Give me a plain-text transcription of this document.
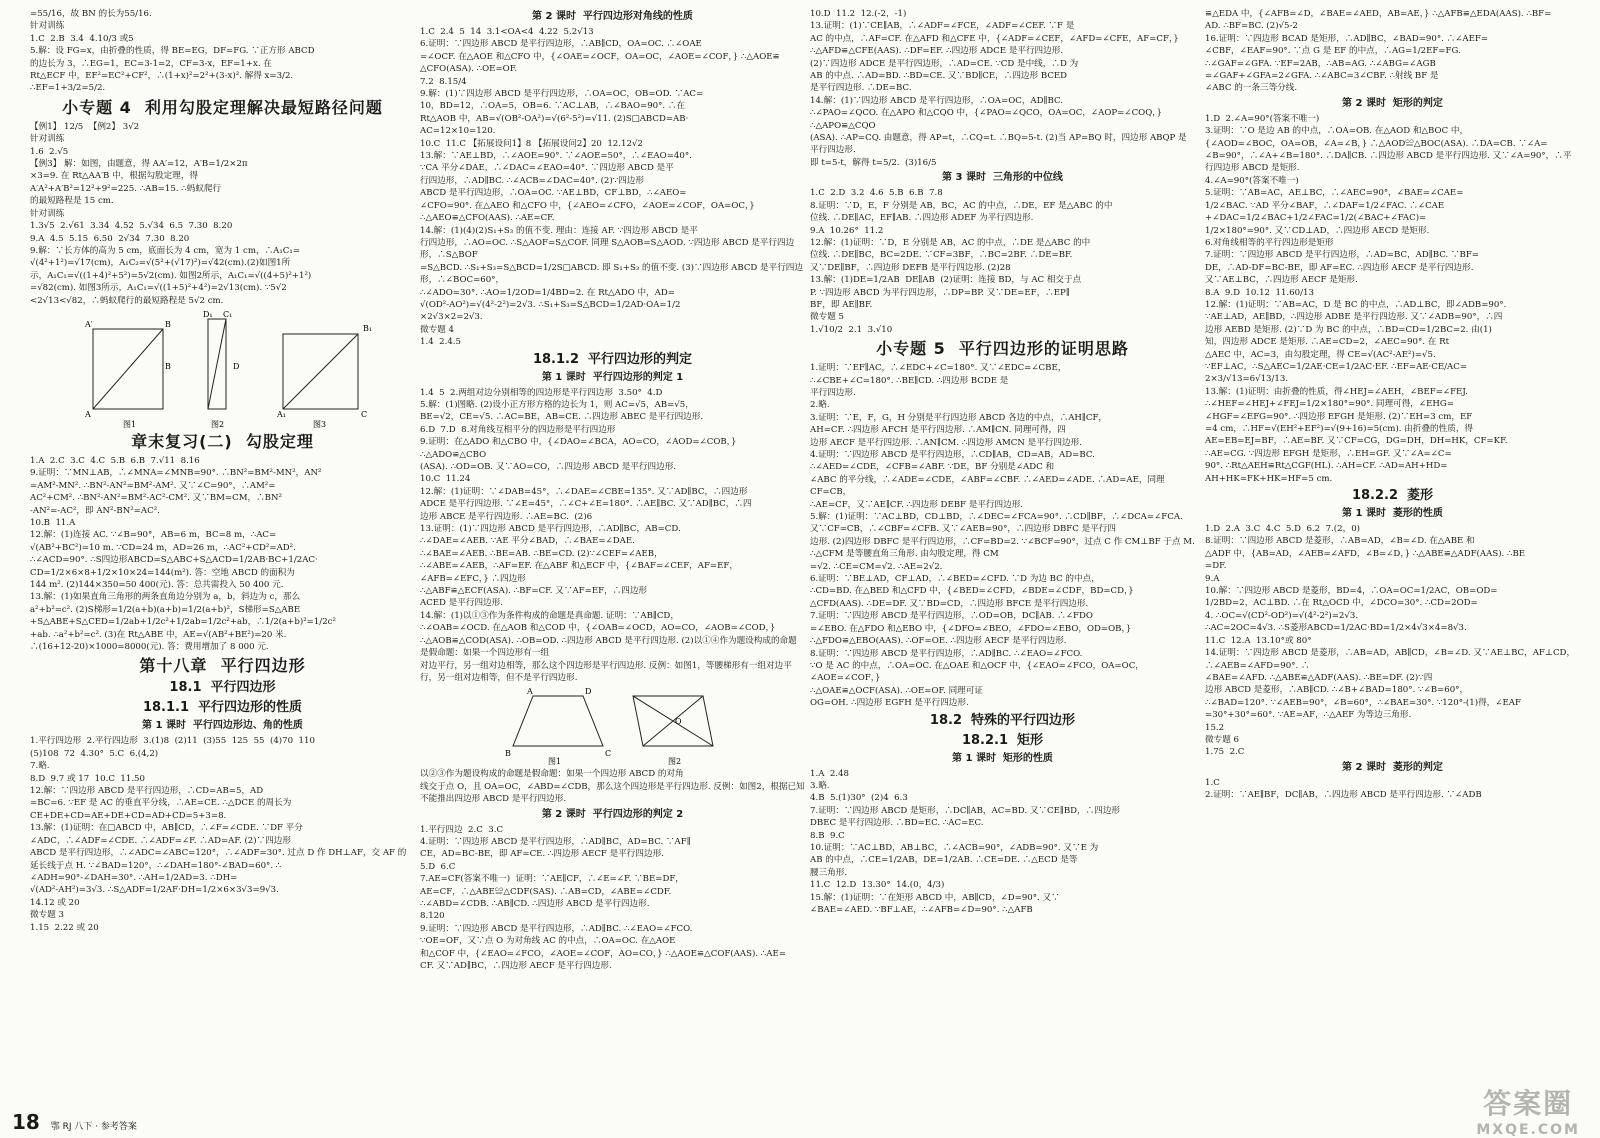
=55/16，故 BN 的长为55/16.
针对训练
1.C  2.B  3.4  4.10/3 或5
5.解：设 FG=x，由折叠的性质，得 BE=EG，DF=FG. ∵正方形 ABCD
的边长为 3，∴EG=1，EC=3-1=2，CF=3-x，EF=1+x. 在
Rt△ECF 中，EF²=EC²+CF²，∴(1+x)²=2²+(3-x)². 解得 x=3/2.
∴EF=1+3/2=5/2.
小专题 4  利用勾股定理解决最短路径问题
【例1】 12/5  【例2】 3√2
针对训练
1.6  2.√5
【例3】 解：如图，由题意，得 AA′=12，A′B=1/2×2π
×3=9. 在 Rt△AA′B 中，根据勾股定理，得
A′A²+A′B²=12²+9²=225. ∴AB=15. ∴蚂蚁爬行
的最短路程是 15 cm.
针对训练
1.3√5  2.√61  3.34  4.52  5.√34  6.5  7.30  8.20
9.A  4.5  5.15  6.50  2√34  7.30  8.20
9.解：∵长方体的高为 5 cm，底面长为 4 cm，宽为 1 cm，∴A₁C₁=
√(4²+1²)=√17(cm)，A₁C₂=√(5²+(√17)²)=√42(cm).(2)如图1所
示，A₁C₁=√((1+4)²+5²)=5√2(cm). 如图2所示，A₁C₁=√((4+5)²+1²)
=√82(cm). 如图3所示，A₁C₁=√((1+5)²+4²)=2√13(cm). ∵5√2
<2√13<√82，∴蚂蚁爬行的最短路程是 5√2 cm.
B
A′
A
图1	图2	图3
D₁ C₁
B₁
A₁	C
B	D
章末复习(二)  勾股定理
1.A  2.C  3.C  4.C  5.B  6.B  7.√11  8.16
9.证明：∵MN⊥AB，∴∠MNA=∠MNB=90°. ∴BN²=BM²-MN²，AN²
=AM²-MN². ∴BN²-AN²=BM²-AM². 又∵∠C=90°，∴AM²=
AC²+CM². ∴BN²-AN²=BM²-AC²-CM². 又∵BM=CM，∴BN²
-AN²=-AC²，即 AN²-BN²=AC².
10.B  11.A
12.解：(1)连接 AC. ∵∠B=90°，AB=6 m，BC=8 m，∴AC=
√(AB²+BC²)=10 m. ∵CD=24 m，AD=26 m，∴AC²+CD²=AD².
∴∠ACD=90°. ∴S四边形ABCD=S△ABC+S△ACD=1/2AB·BC+1/2AC·
CD=1/2×6×8+1/2×10×24=144(m²). 答：空地 ABCD 的面积为
144 m². (2)144×350=50 400(元). 答：总共需投入 50 400 元.
13.解：(1)如果直角三角形的两条直角边分别为 a，b，斜边为 c，那么
a²+b²=c². (2)S梯形=1/2(a+b)(a+b)=1/2(a+b)²，S梯形=S△ABE
+S△ABE+S△CED=1/2ab+1/2c²+1/2ab=1/2c²+ab，∴1/2(a+b)²=1/2c²
+ab. ∴a²+b²=c². (3)在 Rt△ABE 中，AE=√(AB²+BE²)=20 米.
∴(16+12-20)×1000=8000(元). 答：费用增加了 8 000 元.
第十八章  平行四边形
18.1  平行四边形
18.1.1  平行四边形的性质
第 1 课时  平行四边形边、角的性质
1.平行四边形  2.平行四边形  3.(1)8  (2)11  (3)55  125  55  (4)70  110
(5)108  72  4.30°  5.C  6.(4,2)
7.略.
8.D  9.7 或 17  10.C  11.50
12.解：∵四边形 ABCD 是平行四边形，∴CD=AB=5，AD
=BC=6. ∵EF 是 AC 的垂直平分线，∴AE=CE. ∴△DCE 的周长为
CE+DE+CD=AE+DE+CD=AD+CD=5+3=8.
13.解：(1)证明：在□ABCD 中，AB∥CD，∴∠F=∠CDE. ∵DF 平分
∠ADC，∴∠ADF=∠CDE. ∴∠ADF=∠F. ∴AD=AF. (2)∵四边形
ABCD 是平行四边形，∴∠ADC=∠ABC=120°，∴∠ADF=30°. 过点 D 作 DH⊥AF，交 AF 的
延长线于点 H. ∵∠BAD=120°，∴∠DAH=180°-∠BAD=60°. ∴
∠ADH=90°-∠DAH=30°. ∴AH=1/2AD=3. ∴DH=
√(AD²-AH²)=3√3. ∴S△ADF=1/2AF·DH=1/2×6×3√3=9√3.
14.12 或 20
微专题 3
1.15  2.22 或 20
第 2 课时  平行四边形对角线的性质
1.C  2.4  5  14  3.1<OA<4  4.22  5.2√13
6.证明：∵四边形 ABCD 是平行四边形，∴AB∥CD，OA=OC. ∴∠OAE
=∠OCF. 在△AOE 和△CFO 中，{∠OAE=∠OCF，OA=OC，∠AOE=∠COF，} ∴△AOE≌
△CFO(ASA). ∴OE=OF.
7.2  8.15/4
9.解：(1)∵四边形 ABCD 是平行四边形，∴OA=OC，OB=OD. ∵AC=
10，BD=12，∴OA=5，OB=6. ∵AC⊥AB，∴∠BAO=90°. ∴在
Rt△AOB 中，AB=√(OB²-OA²)=√(6²-5²)=√11. (2)S□ABCD=AB·
AC=12×10=120.
10.C  11.C 【拓展设问1】8 【拓展设问2】20  12.12√2
13.解：∵AE⊥BD，∴∠AOE=90°. ∵∠AOE=50°，∴∠EAO=40°.
∵CA 平分∠DAE，∴∠DAC=∠EAO=40°. ∵四边形 ABCD 是平
行四边形，∴AD∥BC. ∴∠ACB=∠DAC=40°. (2)∵四边形
ABCD 是平行四边形，∴OA=OC. ∵AE⊥BD，CF⊥BD，∴∠AEO=
∠CFO=90°. 在△AEO 和△CFO 中，{∠AEO=∠CFO，∠AOE=∠COF，OA=OC，} ∴△AEO≌△CFO(AAS). ∴AE=CF.
14.解：(1)(4)(2)S₁+S₃ 的值不变. 理由：连接 AF. ∵四边形 ABCD 是平
行四边形，∴AO=OC. ∴S△AOF=S△COF. 同理 S△AOB=S△AOD. ∵四边形 ABCD 是平行四边形，∴S△BOF
=S△BCD. ∴S₁+S₃=S△BCD=1/2S□ABCD. 即 S₁+S₃ 的值不变. (3)∵四边形 ABCD 是平行四边形，∴∠BOC=60°，
∴∠ADO=30°. ∴AO=1/2OD=1/4BD=2. 在 Rt△ADO 中，AD=
√(OD²-AO²)=√(4²-2²)=2√3. ∴S₁+S₃=S△BCD=1/2AD·OA=1/2
×2√3×2=2√3.
微专题 4
1.4  2.4.5
18.1.2  平行四边形的判定
第 1 课时  平行四边形的判定 1
1.4  5  2.两组对边分别相等的四边形是平行四边形  3.50°  4.D
5.解：(1)图略. (2)设小正方形方格的边长为 1，则 AC=√5，AB=√5，
BE=√2，CE=√5. ∴AC=BE，AB=CE. ∴四边形 ABEC 是平行四边形.
6.D  7.D  8.对角线互相平分的四边形是平行四边形
9.证明：在△ADO 和△CBO 中，{∠DAO=∠BCA，AO=CO，∠AOD=∠COB，} ∴△ADO≌△CBO
(ASA). ∴OD=OB. 又∵AO=CO，∴四边形 ABCD 是平行四边形.
10.C  11.24
12.解：(1)证明：∵∠DAB=45°，∴∠DAE=∠CBE=135°. 又∵AD∥BC，∴四边形
ADCE 是平行四边形. ∵∠E=45°，∴∠C+∠E=180°. ∴AE∥BC. 又∵AD∥BC，∴四
边形 ABCE 是平行四边形. ∴AE=BC.  (2)6
13.证明：(1)∵四边形 ABCD 是平行四边形，∴AD∥BC，AB=CD.
∴∠DAE=∠AEB. ∵AE 平分∠BAD，∴∠BAE=∠DAE.
∴∠BAE=∠AEB. ∴BE=AB. ∴BE=CD. (2)∵∠CEF=∠AEB，
∴∠ABE=∠AEB，∴AF=EF. 在△ABF 和△ECF 中，{∠BAF=∠CEF，AF=EF，∠AFB=∠EFC，} ∴四边形
∴△ABF≌△ECF(ASA). ∴BF=CF. 又∵AF=EF，∴四边形
ACED 是平行四边形.
14.解：(1)以①③作为条件构成的命题是真命题. 证明：∵AB∥CD，
∴∠OAB=∠OCD. 在△AOB 和△COD 中，{∠OAB=∠OCD，AO=CO，∠AOB=∠COD，}
∴△AOB≌△COD(ASA). ∴OB=OD. ∴四边形 ABCD 是平行四边形. (2)以①④作为题设构成的命题是假命题：如果一个四边形有一组
对边平行，另一组对边相等，那么这个四边形是平行四边形. 反例：如图1，等腰梯形有一组对边平行，另一组对边相等，但不是平行四边形.
A	D
B	C
O
图1	图2
以②③作为题设构成的命题是假命题：如果一个四边形 ABCD 的对角
线交于点 O，且 OA=OC，∠ABD=∠CDB，那么这个四边形是平行四边形. 反例：如图2，根据已知不能推出四边形 ABCD 是平行四边形.
第 2 课时  平行四边形的判定 2
1.平行四边  2.C  3.C
4.证明：∵四边形 ABCD 是平行四边形，∴AD∥BC，AD=BC. ∵AF∥
CE，AD=BC-BE，即 AF=CE. ∴四边形 AECF 是平行四边形.
5.D  6.C
7.AE=CF(答案不唯一)  证明：∵AE∥CF，∴∠E=∠F. ∵BE=DF，
AE=CF，∴△ABE≌△CDF(SAS). ∴AB=CD，∠ABE=∠CDF.
∴∠ABD=∠CDB. ∴AB∥CD. ∴四边形 ABCD 是平行四边形.
8.120
9.证明：∵四边形 ABCD 是平行四边形，∴AD∥BC. ∴∠EAO=∠FCO.
∵OE=OF，又∵点 O 为对角线 AC 的中点，∴OA=OC. 在△AOE
和△COF 中，{∠EAO=∠FCO，∠AOE=∠COF，AO=CO，} ∴△AOE≌△COF(AAS). ∴AE=
CF. 又∵AD∥BC，∴四边形 AECF 是平行四边形.
10.D  11.2  12.(-2，-1)
13.证明：(1)∵CE∥AB，∴∠ADF=∠FCE，∠ADF=∠CEF. ∵F 是
AC 的中点，∴AF=CF. 在△AFD 和△CFE 中，{∠ADF=∠CEF，∠AFD=∠CFE，AF=CF，}
∴△AFD≌△CFE(AAS). ∴DF=EF. ∴四边形 ADCE 是平行四边形.
(2)∵四边形 ADCE 是平行四边形，∴AD=CE. ∵CD 是中线，∴D 为
AB 的中点. ∴AD=BD. ∴BD=CE. 又∵BD∥CE，∴四边形 BCED
是平行四边形. ∴DE=BC.
14.解：(1)∵四边形 ABCD 是平行四边形，∴OA=OC，AD∥BC.
∴∠PAO=∠QCO. 在△APO 和△CQO 中，{∠PAO=∠QCO，OA=OC，∠AOP=∠COQ，} ∴△APO≌△CQO
(ASA). ∴AP=CQ. 由题意，得 AP=t，∴CQ=t. ∴BQ=5-t. (2)当 AP=BQ 时，四边形 ABQP 是平行四边形.
即 t=5-t，解得 t=5/2.  (3)16/5
第 3 课时  三角形的中位线
1.C  2.D  3.2  4.6  5.B  6.B  7.8
8.证明：∵D，E，F 分别是 AB，BC，AC 的中点，∴DE，EF 是△ABC 的中
位线. ∴DE∥AC，EF∥AB. ∴四边形 ADEF 为平行四边形.
9.A  10.26°  11.2
12.解：(1)证明：∵D，E 分别是 AB，AC 的中点，∴DE 是△ABC 的中
位线. ∴DE∥BC，BC=2DE. ∵CF=3BF，∴BC=2BF. ∴DE=BF.
又∵DE∥BF，∴四边形 DEFB 是平行四边形. (2)28
13.解：(1)DE=1/2AB  DE∥AB  (2)证明：连接 BD，与 AC 相交于点
P. ∵四边形 ABCD 为平行四边形，∴DP=BP. 又∵DE=EF，∴EP∥
BF，即 AE∥BF.
微专题 5
1.√10/2  2.1  3.√10
小专题 5  平行四边形的证明思路
1.证明：∵EF∥AC，∴∠EDC+∠C=180°. 又∵∠EDC=∠CBE，
∴∠CBE+∠C=180°. ∴BE∥CD. ∴四边形 BCDE 是
平行四边形.
2.略.
3.证明：∵E，F，G，H 分别是平行四边形 ABCD 各边的中点，∴AH∥CF，
AH=CF. ∴四边形 AFCH 是平行四边形. ∴AM∥CN. 同理可得，四
边形 AECF 是平行四边形. ∴AN∥CM. ∴四边形 AMCN 是平行四边形.
4.证明：∵四边形 ABCD 是平行四边形，∴CD∥AB，CD=AB，AD=BC.
∴∠AED=∠CDE，∠CFB=∠ABF. ∵DE，BF 分别是∠ADC 和
∠ABC 的平分线，∴∠ADE=∠CDE，∠ABF=∠CBF. ∴∠AED=∠ADE. ∴AD=AE，同理 CF=CB，
∴AE=CF，又∵AE∥CF. ∴四边形 DEBF 是平行四边形.
5.解：(1)证明：∵AC⊥BD，CD⊥BD，∴∠DEC=∠FCA=90°. ∴CD∥BF，∴∠DCA=∠FCA.
又∵CF=CB，∴∠CBF=∠CFB. 又∵∠AEB=90°，∴四边形 DBFC 是平行四
边形. (2)四边形 DBFC 是平行四边形，∴CF=BD=2. ∵∠BCF=90°，过点 C 作 CM⊥BF 于点 M. ∴△CFM 是等腰直角三角形. 由勾股定理，得 CM
=√2. ∴CE=CM=√2. ∴AE=2√2.
6.证明：∵BE⊥AD，CF⊥AD，∴∠BED=∠CFD. ∵D 为边 BC 的中点，
∴CD=BD. 在△BED 和△CFD 中，{∠BED=∠CFD，∠BDE=∠CDF，BD=CD，}
△CFD(AAS). ∴DE=DF. 又∵BD=CD，∴四边形 BFCE 是平行四边形.
7.证明：∵四边形 ABCD 是平行四边形，∴OD=OB，DC∥AB. ∴∠FDO
=∠EBO. 在△FDO 和△EBO 中，{∠DFO=∠BEO，∠FDO=∠EBO，OD=OB，}
∴△FDO≌△EBO(AAS). ∴OF=OE. ∴四边形 AECF 是平行四边形.
8.证明：∵四边形 ABCD 是平行四边形，∴AD∥BC. ∴∠EAO=∠FCO.
∵O 是 AC 的中点，∴OA=OC. 在△OAE 和△OCF 中，{∠EAO=∠FCO，OA=OC，∠AOE=∠COF，}
∴△OAE≌△OCF(ASA). ∴OE=OF. 同理可证
OG=OH. ∴四边形 EGFH 是平行四边形.
18.2  特殊的平行四边形
18.2.1  矩形
第 1 课时  矩形的性质
1.A  2.48
3.略.
4.B  5.(1)30°  (2)4  6.3
7.证明：∵四边形 ABCD 是矩形，∴DC∥AB，AC=BD. 又∵CE∥BD，∴四边形
DBEC 是平行四边形. ∴BD=EC. ∴AC=EC.
8.B  9.C
10.证明：∵AC⊥BD，AB⊥BC，∴∠ACB=90°，∠ADB=90°. 又∵E 为
AB 的中点，∴CE=1/2AB，DE=1/2AB. ∴CE=DE. ∴△ECD 是等
腰三角形.
11.C  12.D  13.30°  14.(0，4/3)
15.解：(1)证明：∵在矩形 ABCD 中，AB∥CD，∠D=90°. 又∵
∠BAE=∠AED. ∵BF⊥AE，∴∠AFB=∠D=90°. ∴△AFB
≌△EDA 中，{∠AFB=∠D，∠BAE=∠AED，AB=AE，} ∴△AFB≌△EDA(AAS). ∴BF=
AD. ∴BF=BC. (2)√5-2
16.证明：∵四边形 BCAD 是矩形，∴AD∥BC，∠BAD=90°. ∴∠AEF=
∠CBF，∠EAF=90°. ∵点 G 是 EF 的中点，∴AG=1/2EF=FG.
∴∠GAF=∠GFA. ∵EF=2AB，∴AB=AG. ∴∠ABG=∠AGB
=∠GAF+∠GFA=2∠GFA. ∴∠ABC=3∠CBF. ∴射线 BF 是
∠ABC 的一条三等分线.
第 2 课时  矩形的判定
1.D  2.∠A=90°(答案不唯一)
3.证明：∵O 是边 AB 的中点，∴OA=OB. 在△AOD 和△BOC 中，
{∠AOD=∠BOC，OA=OB，∠A=∠B，} ∴△AOD≌△BOC(ASA). ∴DA=CB. ∵∠A=
∠B=90°，∴∠A+∠B=180°. ∴DA∥CB. ∴四边形 ABCD 是平行四边形. 又∵∠A=90°，∴平行四边形 ABCD 是矩形.
4.∠A=90°(答案不唯一)
5.证明：∵AB=AC，AE⊥BC，∴∠AEC=90°，∠BAE=∠CAE=
1/2∠BAC. ∵AD 平分∠BAF，∴∠DAF=1/2∠FAC. ∴∠CAE
+∠DAC=1/2∠BAC+1/2∠FAC=1/2(∠BAC+∠FAC)=
1/2×180°=90°. 又∵CD⊥AD，∴四边形 AECD 是矩形.
6.对角线相等的平行四边形是矩形
7.证明：∵四边形 ABCD 是平行四边形，∴AD=BC，AD∥BC. ∵BF=
DE，∴AD-DF=BC-BE，即 AF=EC. ∴四边形 AECF 是平行四边形.
又∵AE⊥BC，∴四边形 AECF 是矩形.
8.A  9.D  10.12  11.60/13
12.解：(1)证明：∵AB=AC，D 是 BC 的中点，∴AD⊥BC，即∠ADB=90°.
∵AE⊥AD，AE∥BD，∴四边形 ADBE 是平行四边形. 又∵∠ADB=90°，∴四
边形 AEBD 是矩形. (2)∵D 为 BC 的中点，∴BD=CD=1/2BC=2. 由(1)
知，四边形 ADCE 是矩形. ∴AE=CD=2，∠AEC=90°. 在 Rt
△AEC 中，AC=3，由勾股定理，得 CE=√(AC²-AE²)=√5.
∵EF⊥AC，∴S△AEC=1/2AE·CE=1/2AC·EF. ∴EF=AE·CE/AC=
2×3/√13=6√13/13.
13.解：(1)证明：由折叠的性质，得∠HEJ=∠AEH，∠BEF=∠FEJ.
∴∠HEF=∠HEJ+∠FEJ=1/2×180°=90°. 同理可得，∠EHG=
∠HGF=∠EFG=90°. ∴四边形 EFGH 是矩形. (2)∵EH=3 cm，EF
=4 cm，∴HF=√(EH²+EF²)=√(9+16)=5(cm). 由折叠的性质，得
AE=EB=EJ=BF，∴AE=BF. 又∵CF=CG，DG=DH，DH=HK，CF=KF.
∴AE=CG. ∵四边形 EFGH 是矩形，∴EH=GF. 又∵∠A=∠C=
90°. ∴Rt△AEH≌Rt△CGF(HL). ∴AH=CF. ∴AD=AH+HD=
AH+HK=FK+HK=HF=5 cm.
18.2.2  菱形
第 1 课时  菱形的性质
1.D  2.A  3.C  4.C  5.D  6.2  7.(2，0)
8.证明：∵四边形 ABCD 是菱形，∴AB=AD，∠B=∠D. 在△ABE 和
△ADF 中，{AB=AD，∠AEB=∠AFD，∠B=∠D，} ∴△ABE≌△ADF(AAS). ∴BE
=DF.
9.A
10.解：∵四边形 ABCD 是菱形，BD=4，∴OA=OC=1/2AC，OB=OD=
1/2BD=2，AC⊥BD. ∴在 Rt△OCD 中，∠DCO=30°. ∴CD=2OD=
4. ∴OC=√(CD²-OD²)=√(4²-2²)=2√3.
∴AC=2OC=4√3. ∴S菱形ABCD=1/2AC·BD=1/2×4√3×4=8√3.
11.C  12.A  13.10°或 80°
14.证明：∵四边形 ABCD 是菱形，∴AB=AD，AB∥CD，∠B=∠D. 又∵AE⊥BC，AF⊥CD，∴∠AEB=∠AFD=90°. ∴
∠BAE=∠AFD. ∴△ABE≌△ADF(AAS). ∴BE=DF. (2)∵四
边形 ABCD 是菱形，∴AB∥CD. ∴∠B+∠BAD=180°. ∵∠B=60°，
∴∠BAD=120°. ∵∠AEB=90°，∠B=60°，∴∠BAE=30°. ∵120°-(1)得，∠EAF
=30°+30°=60°. ∵AE=AF，∴△AEF 为等边三角形.
15.2
微专题 6
1.75  2.C
第 2 课时  菱形的判定
1.C
2.证明：∵AE∥BF，DC∥AB，∴四边形 ABCD 是平行四边形. ∵∠ADB
18 鄂 RJ 八下 · 参考答案
答案圈
MXQE.COM
